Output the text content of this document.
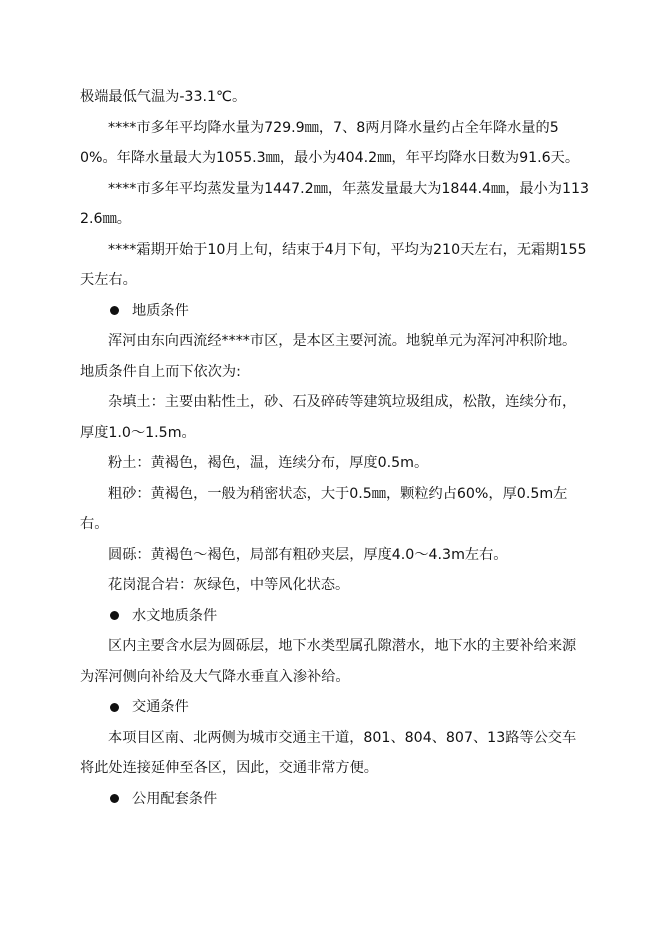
极端最低气温为-33.1℃。

****市多年平均降水量为729.9㎜，7、8两月降水量约占全年降水量的50%。年降水量最大为1055.3㎜，最小为404.2㎜，年平均降水日数为91.6天。

****市多年平均蒸发量为1447.2㎜，年蒸发量最大为1844.4㎜，最小为1132.6㎜。

****霜期开始于10月上旬，结束于4月下旬，平均为210天左右，无霜期155天左右。

地质条件

浑河由东向西流经****市区，是本区主要河流。地貌单元为浑河冲积阶地。地质条件自上而下依次为:

杂填土：主要由粘性土，砂、石及碎砖等建筑垃圾组成，松散，连续分布，厚度1.0～1.5m。

粉土：黄褐色，褐色，温，连续分布，厚度0.5m。

粗砂：黄褐色，一般为稍密状态，大于0.5㎜，颗粒约占60%，厚0.5m左右。

圆砾：黄褐色～褐色，局部有粗砂夹层，厚度4.0～4.3m左右。

花岗混合岩：灰绿色，中等风化状态。

水文地质条件

区内主要含水层为圆砾层，地下水类型属孔隙潜水，地下水的主要补给来源为浑河侧向补给及大气降水垂直入渗补给。

交通条件

本项目区南、北两侧为城市交通主干道，801、804、807、13路等公交车将此处连接延伸至各区，因此，交通非常方便。

公用配套条件
